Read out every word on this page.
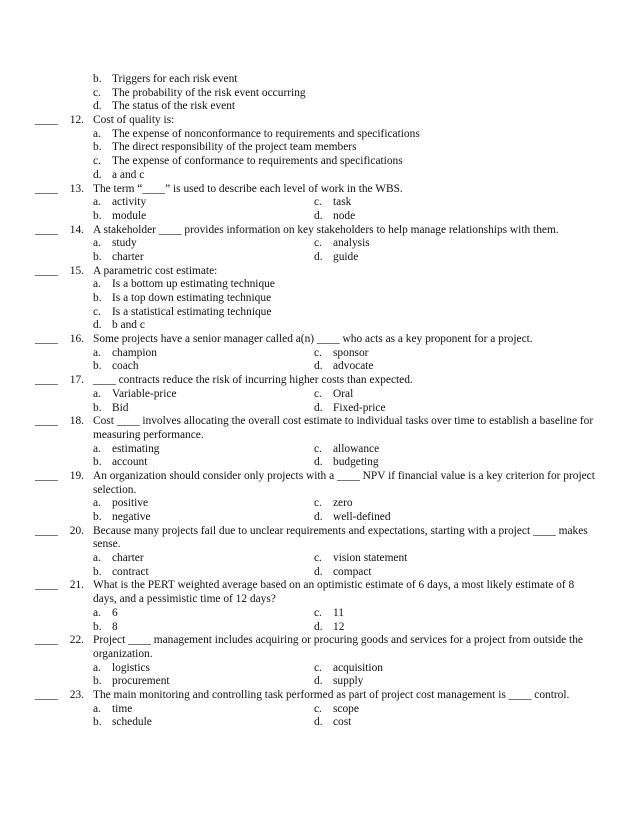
b. Triggers for each risk event
c. The probability of the risk event occurring
d. The status of the risk event
____	12. Cost of quality is:
a. The expense of nonconformance to requirements and specifications
b. The direct responsibility of the project team members
c. The expense of conformance to requirements and specifications
d. a and c
____	13. The term “____” is used to describe each level of work in the WBS.
a. activity	c. task
b. module	d. node
____	14. A stakeholder ____ provides information on key stakeholders to help manage relationships with them.
a. study	c. analysis
b. charter	d. guide
____	15. A parametric cost estimate:
a. Is a bottom up estimating technique
b. Is a top down estimating technique
c. Is a statistical estimating technique
d. b and c
____	16. Some projects have a senior manager called a(n) ____ who acts as a key proponent for a project.
a. champion	c. sponsor
b. coach	d. advocate
____	17. ____ contracts reduce the risk of incurring higher costs than expected.
a. Variable-price	c. Oral
b. Bid	d. Fixed-price
____	18. Cost ____ involves allocating the overall cost estimate to individual tasks over time to establish a baseline for
measuring performance.
a. estimating	c. allowance
b. account	d. budgeting
____	19. An organization should consider only projects with a ____ NPV if financial value is a key criterion for project
selection.
a. positive	c. zero
b. negative	d. well-defined
____	20. Because many projects fail due to unclear requirements and expectations, starting with a project ____ makes
sense.
a. charter	c. vision statement
b. contract	d. compact
____	21. What is the PERT weighted average based on an optimistic estimate of 6 days, a most likely estimate of 8
days, and a pessimistic time of 12 days?
a. 6	c. 11
b. 8	d. 12
____	22. Project ____ management includes acquiring or procuring goods and services for a project from outside the
organization.
a. logistics	c. acquisition
b. procurement	d. supply
____	23. The main monitoring and controlling task performed as part of project cost management is ____ control.
a. time	c. scope
b. schedule	d. cost
